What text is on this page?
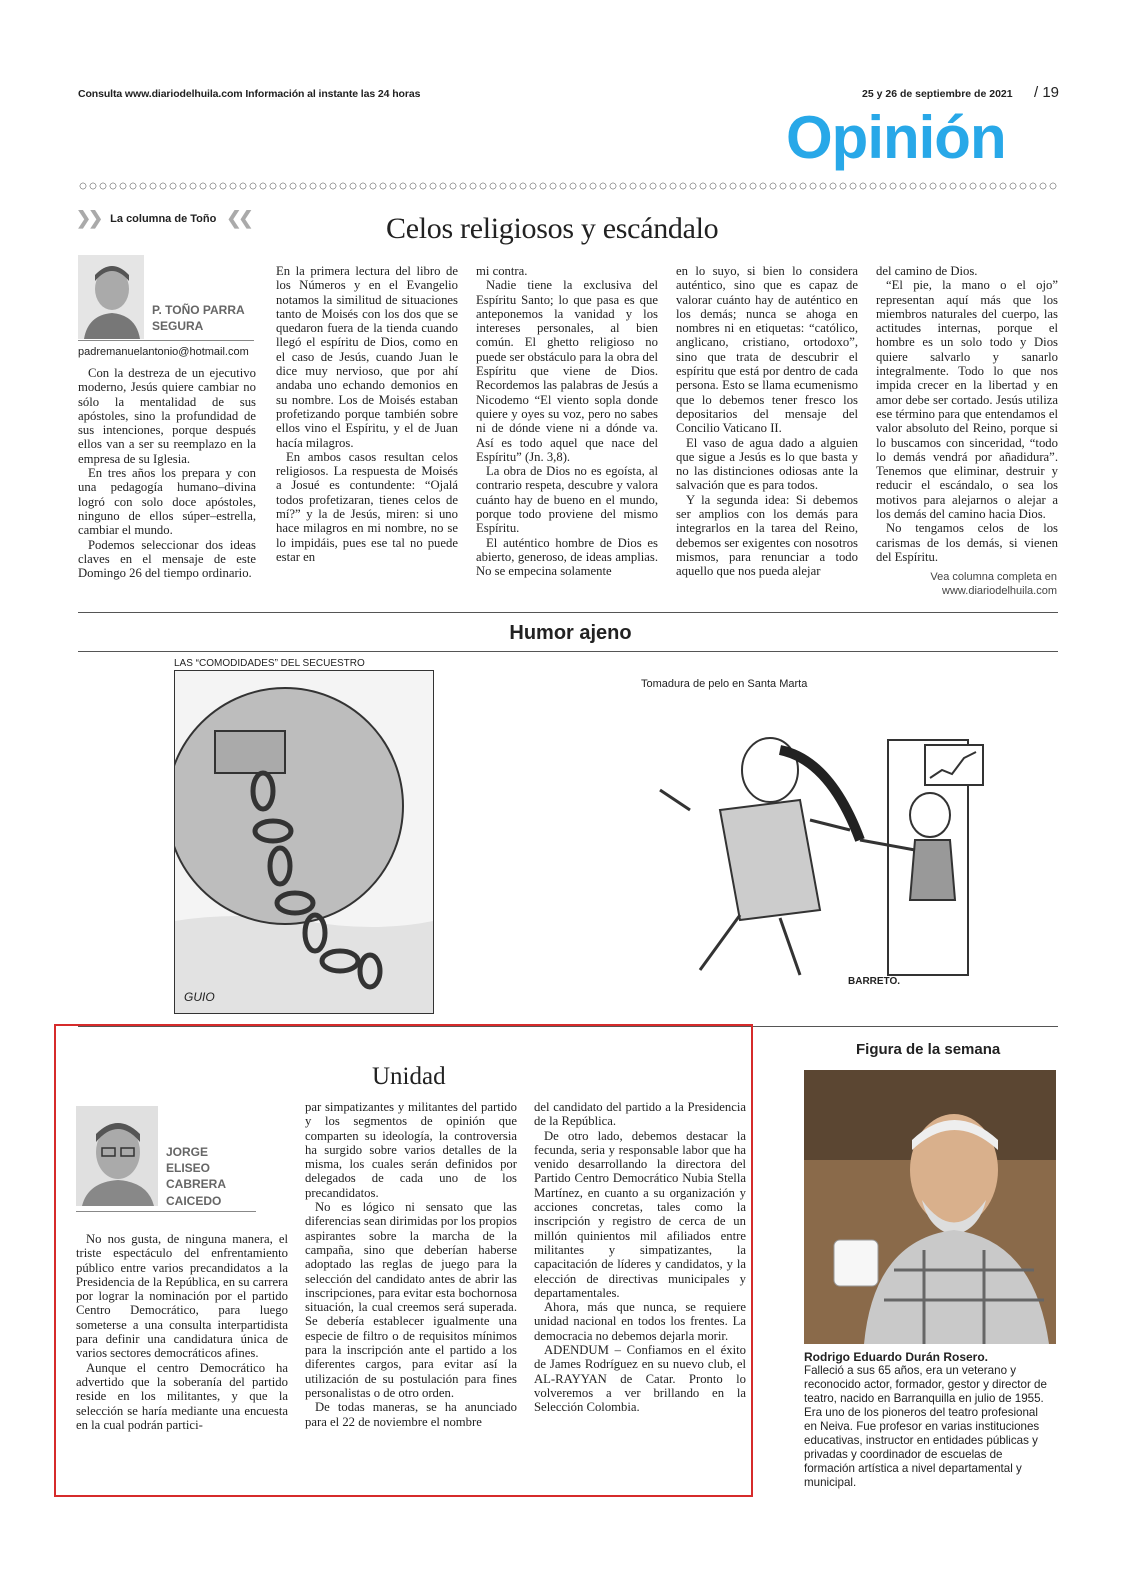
Consulta www.diariodelhuila.com Información al instante las 24 horas	25 y 26 de septiembre de 2021 / 19
Opinión
❯❯ La columna de Toño ❮❮	Celos religiosos y escándalo
P. TOÑO PARRA
SEGURA
padremanuelantonio@hotmail.com

Con la destreza de un ejecutivo moderno, Jesús quiere cambiar no sólo la mentalidad de sus apóstoles, sino la profundidad de sus intenciones, porque después ellos van a ser su reemplazo en la empresa de su Iglesia.

En tres años los prepara y con una pedagogía humano–divina logró con solo doce apóstoles, ninguno de ellos súper–estrella, cambiar el mundo.

Podemos seleccionar dos ideas claves en el mensaje de este Domingo 26 del tiempo ordinario.

En la primera lectura del libro de los Números y en el Evangelio notamos la similitud de situaciones tanto de Moisés con los dos que se quedaron fuera de la tienda cuando llegó el espíritu de Dios, como en el caso de Jesús, cuando Juan le dice muy nervioso, que por ahí andaba uno echando demonios en su nombre. Los de Moisés estaban profetizando porque también sobre ellos vino el Espíritu, y el de Juan hacía milagros.

En ambos casos resultan celos religiosos. La respuesta de Moisés a Josué es contundente: “Ojalá todos profetizaran, tienes celos de mí?” y la de Jesús, miren: si uno hace milagros en mi nombre, no se lo impidáis, pues ese tal no puede estar en

mi contra.

Nadie tiene la exclusiva del Espíritu Santo; lo que pasa es que anteponemos la vanidad y los intereses personales, al bien común. El ghetto religioso no puede ser obstáculo para la obra del Espíritu que viene de Dios. Recordemos las palabras de Jesús a Nicodemo “El viento sopla donde quiere y oyes su voz, pero no sabes ni de dónde viene ni a dónde va. Así es todo aquel que nace del Espíritu” (Jn. 3,8).

La obra de Dios no es egoísta, al contrario respeta, descubre y valora cuánto hay de bueno en el mundo, porque todo proviene del mismo Espíritu.

El auténtico hombre de Dios es abierto, generoso, de ideas amplias. No se empecina solamente

en lo suyo, si bien lo considera auténtico, sino que es capaz de valorar cuánto hay de auténtico en los demás; nunca se ahoga en nombres ni en etiquetas: “católico, anglicano, cristiano, ortodoxo”, sino que trata de descubrir el espíritu que está por dentro de cada persona. Esto se llama ecumenismo que lo debemos tener fresco los depositarios del mensaje del Concilio Vaticano II.

El vaso de agua dado a alguien que sigue a Jesús es lo que basta y no las distinciones odiosas ante la salvación que es para todos.

Y la segunda idea: Si debemos ser amplios con los demás para integrarlos en la tarea del Reino, debemos ser exigentes con nosotros mismos, para renunciar a todo aquello que nos pueda alejar

del camino de Dios.

“El pie, la mano o el ojo” representan aquí más que los miembros naturales del cuerpo, las actitudes internas, porque el hombre es un solo todo y Dios quiere salvarlo y sanarlo integralmente. Todo lo que nos impida crecer en la libertad y en amor debe ser cortado. Jesús utiliza ese término para que entendamos el valor absoluto del Reino, porque si lo buscamos con sinceridad, “todo lo demás vendrá por añadidura”. Tenemos que eliminar, destruir y reducir el escándalo, o sea los motivos para alejarnos o alejar a los demás del camino hacia Dios.

No tengamos celos de los carismas de los demás, si vienen del Espíritu.

Vea columna completa en
www.diariodelhuila.com
Humor ajeno
LAS “COMODIDADES” DEL SECUESTRO
GUIO
Tomadura de pelo en Santa Marta
BARRETO.
Unidad
JORGE
ELISEO
CABRERA
CAICEDO

No nos gusta, de ninguna manera, el triste espectáculo del enfrentamiento público entre varios precandidatos a la Presidencia de la República, en su carrera por lograr la nominación por el partido Centro Democrático, para luego someterse a una consulta interpartidista para definir una candidatura única de varios sectores democráticos afines.

Aunque el centro Democrático ha advertido que la soberanía del partido reside en los militantes, y que la selección se haría mediante una encuesta en la cual podrán partici-

par simpatizantes y militantes del partido y los segmentos de opinión que comparten su ideología, la controversia ha surgido sobre varios detalles de la misma, los cuales serán definidos por delegados de cada uno de los precandidatos.

No es lógico ni sensato que las diferencias sean dirimidas por los propios aspirantes sobre la marcha de la campaña, sino que deberían haberse adoptado las reglas de juego para la selección del candidato antes de abrir las inscripciones, para evitar esta bochornosa situación, la cual creemos será superada. Se debería establecer igualmente una especie de filtro o de requisitos mínimos para la inscripción ante el partido a los diferentes cargos, para evitar así la utilización de su postulación para fines personalistas o de otro orden.

De todas maneras, se ha anunciado para el 22 de noviembre el nombre

del candidato del partido a la Presidencia de la República.

De otro lado, debemos destacar la fecunda, seria y responsable labor que ha venido desarrollando la directora del Partido Centro Democrático Nubia Stella Martínez, en cuanto a su organización y acciones concretas, tales como la inscripción y registro de cerca de un millón quinientos mil afiliados entre militantes y simpatizantes, la capacitación de líderes y candidatos, y la elección de directivas municipales y departamentales.

Ahora, más que nunca, se requiere unidad nacional en todos los frentes. La democracia no debemos dejarla morir.

ADENDUM – Confiamos en el éxito de James Rodríguez en su nuevo club, el AL-RAYYAN de Catar. Pronto lo volveremos a ver brillando en la Selección Colombia.

Figura de la semana
Rodrigo Eduardo Durán Rosero.
Falleció a sus 65 años, era un veterano y reconocido actor, formador, gestor y director de teatro, nacido en Barranquilla en julio de 1955. Era uno de los pioneros del teatro profesional en Neiva. Fue profesor en varias instituciones educativas, instructor en entidades públicas y privadas y coordinador de escuelas de formación artística a nivel departamental y municipal.
